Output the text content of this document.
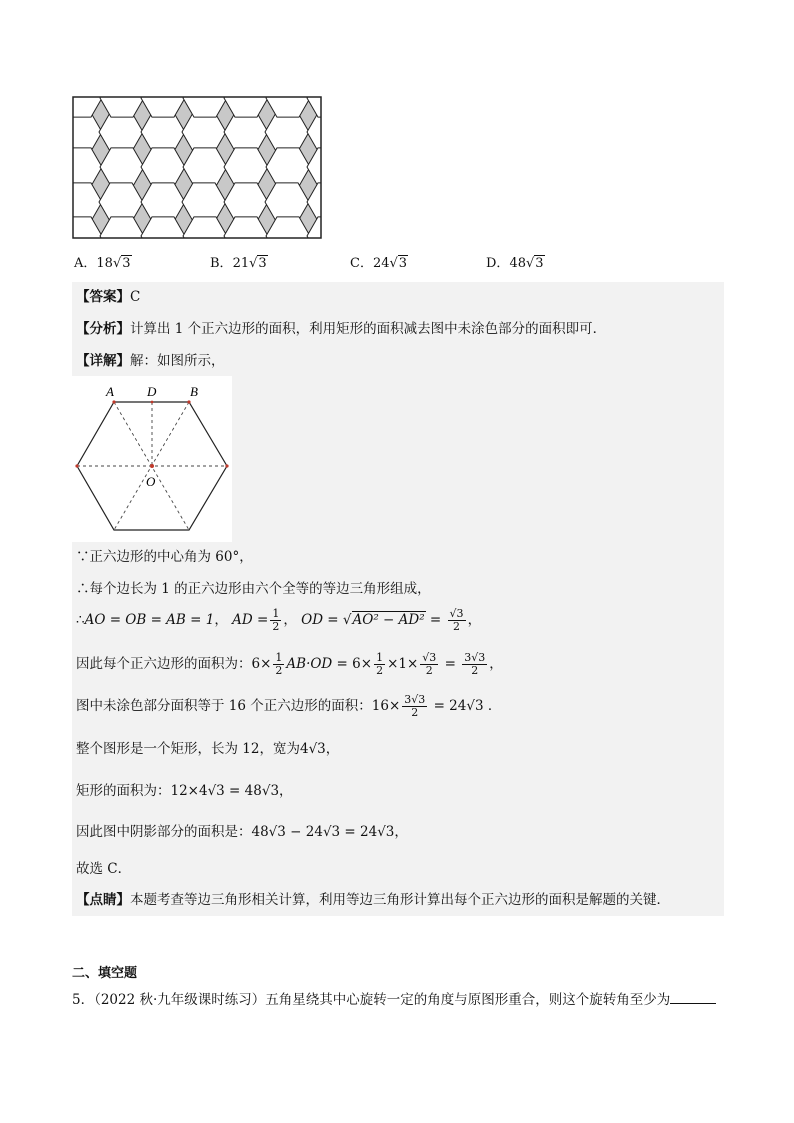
A．18√3	B．21√3	C．24√3	D．48√3
【答案】C
【分析】计算出 1 个正六边形的面积，利用矩形的面积减去图中未涂色部分的面积即可．
【详解】解：如图所示，
A	D	B
O
∵正六边形的中心角为 60°，
∴每个边长为 1 的正六边形由六个全等的等边三角形组成，
∴AO = OB = AB = 1， AD = $\frac{1}{2}$ ， OD = $√AO^2 - AD^2 = \frac{√3}{2}$ ，
因此每个正六边形的面积为：$6\times \frac{1}{2} AB\cdot OD = 6\times \frac{1}{2} \times 1\times \frac{√3}{2} = \frac{3√3}{2}$ ，
图中未涂色部分面积等于 16 个正六边形的面积：$16\times \frac{3√3}{2} = 24√3$ ．
整个图形是一个矩形，长为 12，宽为4√3，
矩形的面积为：12×4√3 = 48√3，
因此图中阴影部分的面积是：48√3 − 24√3 = 24√3，
故选 C．
【点睛】本题考查等边三角形相关计算，利用等边三角形计算出每个正六边形的面积是解题的关键．
二、填空题
5．（2022 秋·九年级课时练习）五角星绕其中心旋转一定的角度与原图形重合，则这个旋转角至少为
